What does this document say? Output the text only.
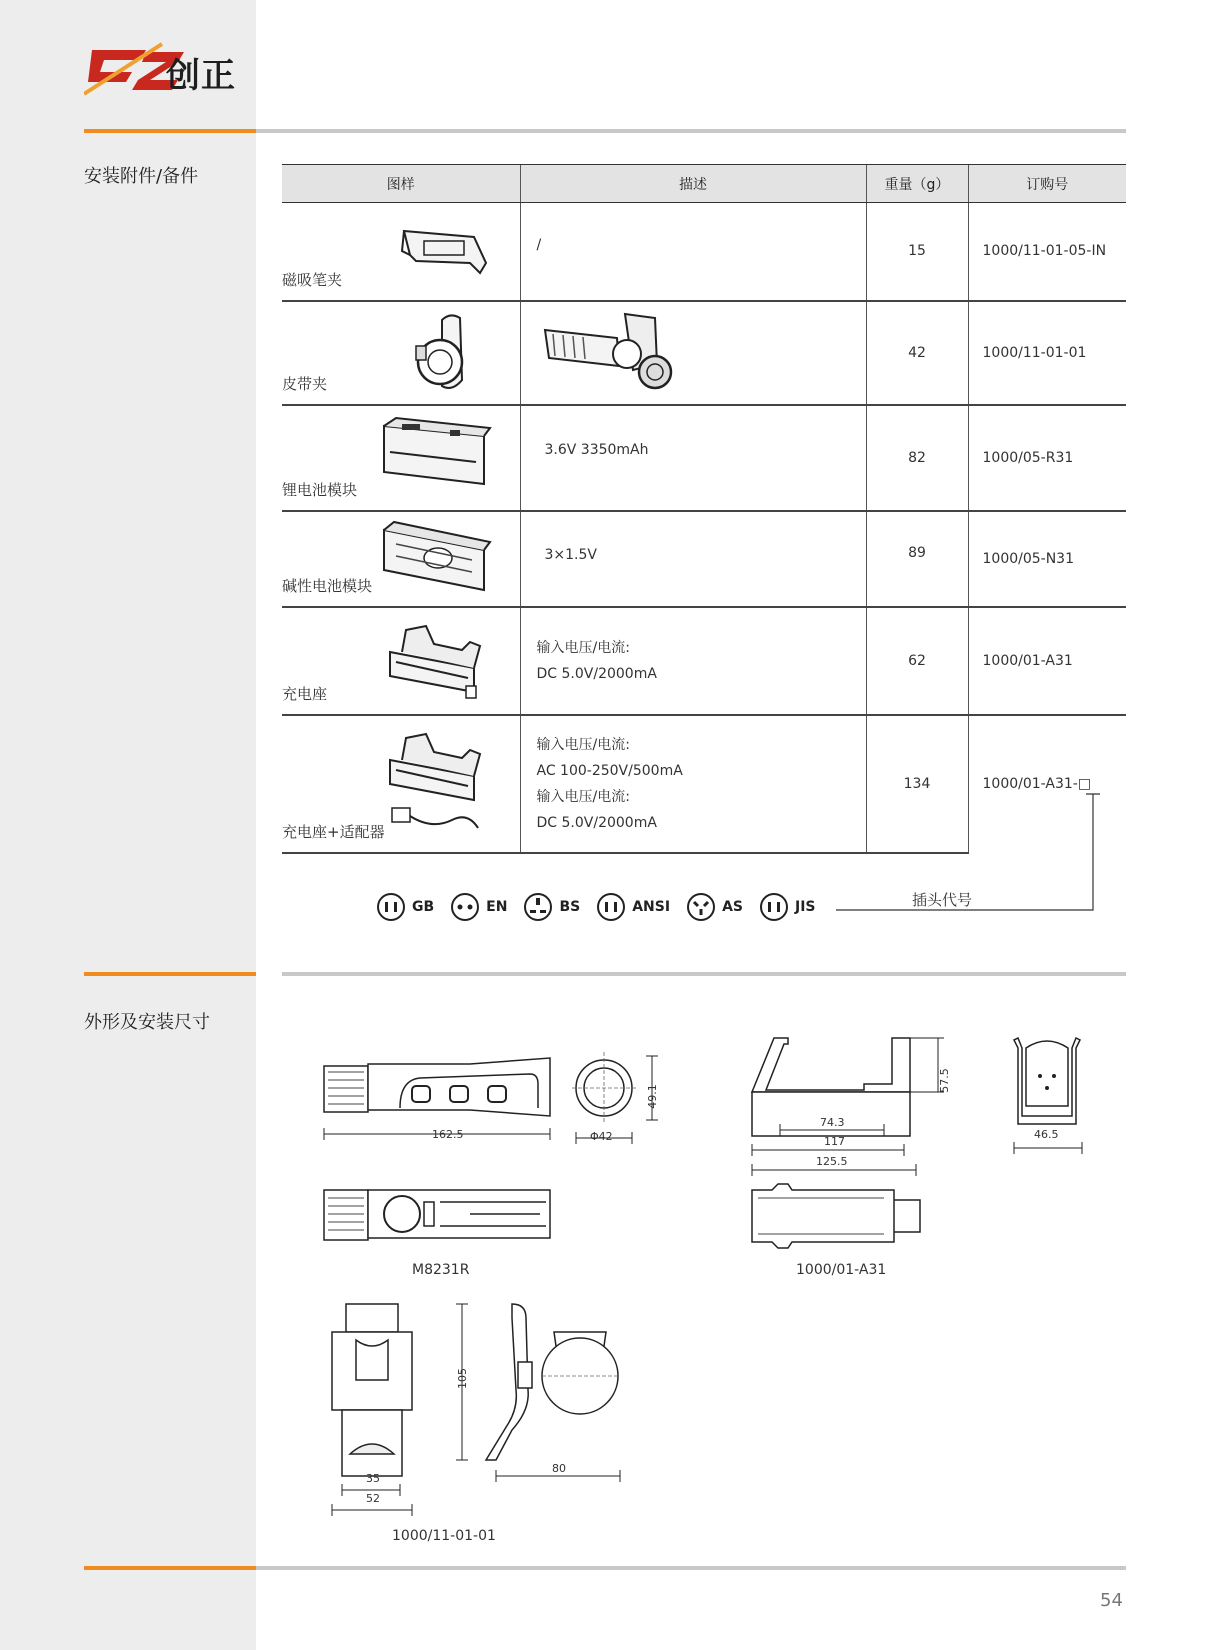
创正
安装附件/备件	图样	描述	重量（g）	订购号

磁吸笔夹	/	15	1000/11-01-05-IN

皮带夹		42	1000/11-01-01

锂电池模块	3.6V 3350mAh	82	1000/05-R31

碱性电池模块	3×1.5V	89	1000/05-N31

充电座	输入电压/电流:
DC 5.0V/2000mA	62	1000/01-A31

充电座+适配器	输入电压/电流:
AC 100-250V/500mA
输入电压/电流:
DC 5.0V/2000mA	134	1000/01-A31-□
GB	EN	BS	ANSI	AS	JIS	插头代号
外形及安装尺寸
162.5	Φ42
49.1
M8231R
74.3
117
125.5
57.5
46.5
1000/01-A31
35
52
105
80
1000/11-01-01
54
